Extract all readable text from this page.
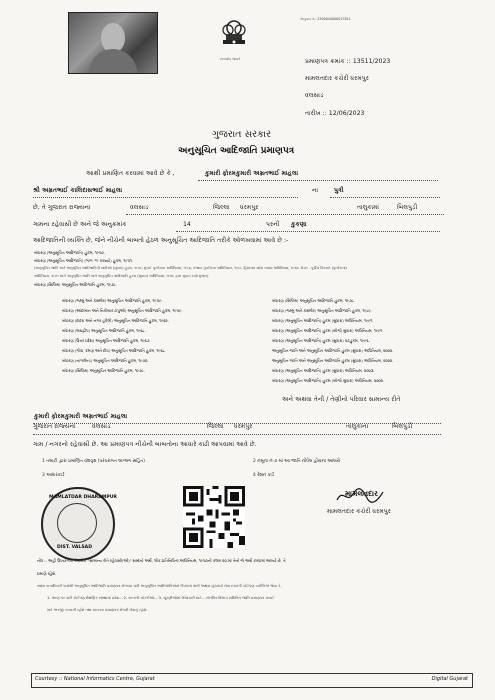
સત્યમેવ જયતે
અનુક્રમ નં.: 2300044000013511
પ્રમાણપત્ર ક્રમાંક :: 13511/2023
મામલતદાર કચેરી ધરમપુર
વલસાડ
તારીખ :: 12/06/2023
ગુજરાત સરકાર
અનુસૂચિત આદિજાતિ પ્રમાણપત્ર
આથી પ્રમાણિત કરવામાં આવે છે કે ,	કુમારી ફોરમકુમારી અમ્રતભાઈ માહલા
શ્રી અમ્રતભાઈ કાલિદાસભાઈ માહલા	ના	પુત્રી
છે, તે ગુજરાત રાજ્યના	વલસાડ	જિલ્લા ધરમપુર	તાલુકામાં	બિલપુડી
ગામના રહેવાસી છે અને જે અનુક્રમાંક	14	પરની કુકણા
આદિજાતિની વ્યક્તિ છે, જેને નીચેની બાબતો હેઠળ અનુસૂચિત આદિજાતિ તરીકે ઓળખવામાં આવે છે :-
બંધારણ (અનુસૂચિત આદિજાતિ) હુકમ, ૧૯૫૦.
બંધારણ (અનુસૂચિત આદિજાતિ) (ભાગ 'ગ' રાજ્યો) હુકમ, ૧૯૫૧.
(અનુસૂચિત જાતિ અને અનુસૂચિત આદિજાતિની યાદીઓ (સુધારા) હુકમ, ૧૯૫૬. મુંબઈ પુનર્રચના અધિનિયમ, ૧૯૬૦, પંજાબ પુનર્રચના અધિનિયમ, ૧૯૬૬. હિમાચલ પ્રદેશ રાજ્ય અધિનિયમ, ૧૯૭૦. ઉત્તર - પૂર્વીય વિસ્તારો (પુનર્રચના)
અધિનિયમ, ૧૯૭૧ અને અનુસૂચિત જાતિ અને અનુસૂચિત આદિજાતિ હુકમ (સુધારા) અધિનિયમ, ૧૯૭૬ દ્વારા સુધારા કર્યા મુજબ)
બંધારણ (સિક્કિમ) અનુસૂચિત આદિજાતિ હુકમ, ૧૯૭૮.
બંધારણ (જમ્મુ અને કાશ્મીર) અનુસૂચિત આદિજાતિ હુકમ, ૧૯૫૯.
બંધારણ (આંદામાન અને નિકોબાર ટાપુઓ) અનુસૂચિત આદિજાતિ હુકમ, ૧૯૫૯.
બંધારણ (દાદરા અને નગર હવેલી) અનુસૂચિત આદિજાતિ હુકમ, ૧૯૬૨.
બંધારણ (લક્ષદ્વીપ) અનુસૂચિત આદિજાતિ હુકમ, ૧૯૬૮.
બંધારણ (ઉત્તર પ્રદેશ) અનુસૂચિત આદિજાતિ હુકમ, ૧૯૬૭.
બંધારણ (ગોવા, દમણ અને દીવ) અનુસૂચિત આદિજાતિ હુકમ, ૧૯૬૮.
બંધારણ (નાગાલેન્ડ) અનુસૂચિત આદિજાતિ હુકમ, ૧૯૭૦.
બંધારણ (સિક્કિમ) અનુસૂચિત આદિજાતિ હુકમ, ૧૯૭૮.
બંધારણ (સિક્કિમ) અનુસૂચિત આદિજાતિ હુકમ, ૧૯૭૮.
બંધારણ (જમ્મુ અને કાશ્મીર) અનુસૂચિત આદિજાતિ હુકમ, ૧૯૮૯.
બંધારણ (અનુસૂચિત આદિજાતિ) હુકમ (સુધારા) અધિનિયમ, ૧૯૯૧.
બંધારણ (અનુસૂચિત આદિજાતિ) હુકમ (બીજો સુધારા) અધિનિયમ, ૧૯૯૧.
બંધારણ (અનુસૂચિત આદિજાતિ) હુકમ (સુધારા) વટહુકમ, ૧૯૯૬.
અનુસૂચિત જાતિ અને અનુસૂચિત આદિજાતિ હુકમ (સુધારા) અધિનિયમ, ૨૦૦૨.
અનુસૂચિત જાતિ અને અનુસૂચિત આદિજાતિ હુકમ (સુધારા) અધિનિયમ, ૨૦૦૨.
બંધારણ (અનુસૂચિત આદિજાતિ) હુકમ (સુધારા) અધિનિયમ, ૨૦૦૩.
બંધારણ (અનુસૂચિત આદિજાતિ) હુકમ (બીજો સુધારા) અધિનિયમ, ૨૦૦૨.
અને અથવા તેની / તેણીનો પરિવાર સામાન્ય રીતે
કુમારી ફોરમકુમારી અમ્રતભાઈ માહલા
ગુજરાત રાજ્યના	વલસાડ	જિલ્લા ધરમપુર	તાલુકાના	બિલપુડી
ગામ / નગરનો રહેવાસી છે. આ પ્રમાણપત્ર નીચેની બાબતોના આધારે કાઢી આપવામાં આવે છે.
1 તલાટી દ્વારા પ્રમાણિત વંશવૃક્ષ (પરંપરાગત લાગ્લગ સહિત)	2 નમૂના નં-૭ માં આ જાતિ નોંધેલ હોવાના આધારો
3 આધારકાર્ડ	4 રેશન કાર્ડ
MAMLATDAR DHARAMPUR
DIST. VALSAD
મામલતદાર
મામલતદાર કચેરી ધરમપુર
નોંધ :- અહીં ઉપયોગમાં લેવાયેલ "સામાન્ય રીતે રહેવાસી(ઓ)" શબ્દનો અર્થ, લોક-પ્રતિનિધિત્વ અધિનિયમ, ૧૯૫૦ની કલમ ૨૦-માં તેનો જે અર્થ કરવામાં આવ્યો છે, તે
પ્રમાણે રહેશે.
સક્ષમ સત્તાધિકારી પાસેથી અનુસૂચિત આદિજાતિ પ્રમાણપત્ર મેળવ્યા પછી અનુસૂચિત આદિજાતિઓને ઉપલબ્ધ થતી અથવા છૂટછાટો લેવા ઇચ્છતી કોઈપણ વ્યક્તિએ જેવા કે,
1. ધોરણ ૧૦ પછી કોઈપણ શૈક્ષણિક સંસ્થામાં પ્રવેશ... 2. સરકારી નોકરીઓ... 3. ચૂંટણીઓમાં ઉમેદવારી માટે... સંબંધિત વિભાગ સમિતિને જાતિ પ્રમાણપત્ર ખરાઈ
માટે અરજી કરવાની રહેશે તથા માન્યતા પ્રમાણપત્ર મેળવી લેવાનું રહેશે.
Courtesy :: National Informatics Centre, Gujarat	Digital Gujarat
